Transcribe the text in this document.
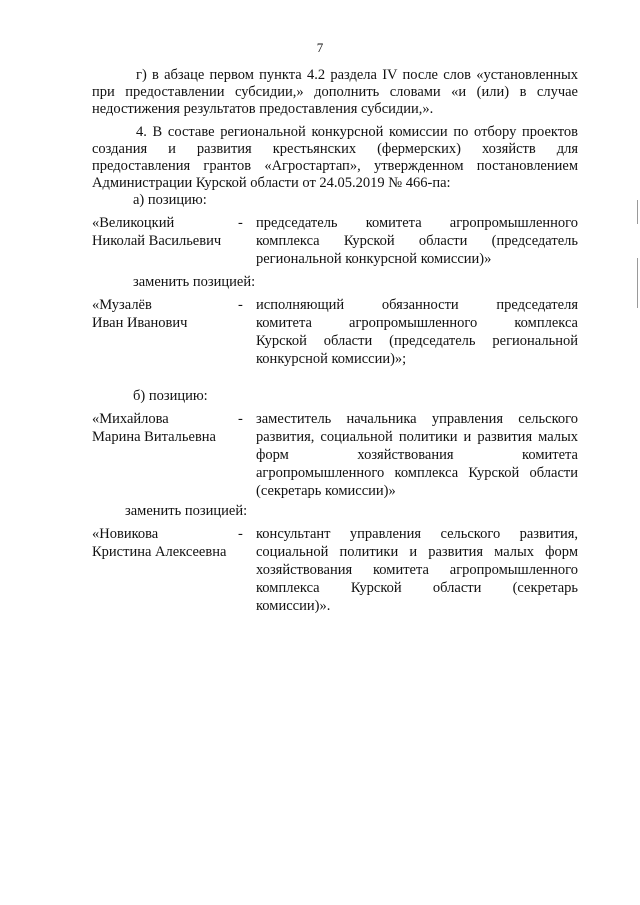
7
г) в абзаце первом пункта 4.2 раздела IV после слов «установленных
при предоставлении субсидии,» дополнить словами «и (или) в случае
недостижения результатов предоставления субсидии,».
4. В составе региональной конкурсной комиссии по отбору проектов
создания и развития крестьянских (фермерских) хозяйств для
предоставления грантов «Агростартап», утвержденном постановлением
Администрации Курской области от 24.05.2019 № 466-па:
а) позицию:
«Великоцкий
Николай Васильевич
- председатель комитета агропромышленного
комплекса Курской области (председатель
региональной конкурсной комиссии)»
заменить позицией:
«Музалёв
Иван Иванович
- исполняющий обязанности председателя
комитета агропромышленного комплекса
Курской области (председатель региональной
конкурсной комиссии)»;
б) позицию:
«Михайлова
Марина Витальевна
- заместитель начальника управления сельского
развития, социальной политики и развития малых
форм хозяйствования комитета
агропромышленного комплекса Курской области
(секретарь комиссии)»
заменить позицией:
«Новикова
Кристина Алексеевна
- консультант управления сельского развития,
социальной политики и развития малых форм
хозяйствования комитета агропромышленного
комплекса Курской области (секретарь
комиссии)».
